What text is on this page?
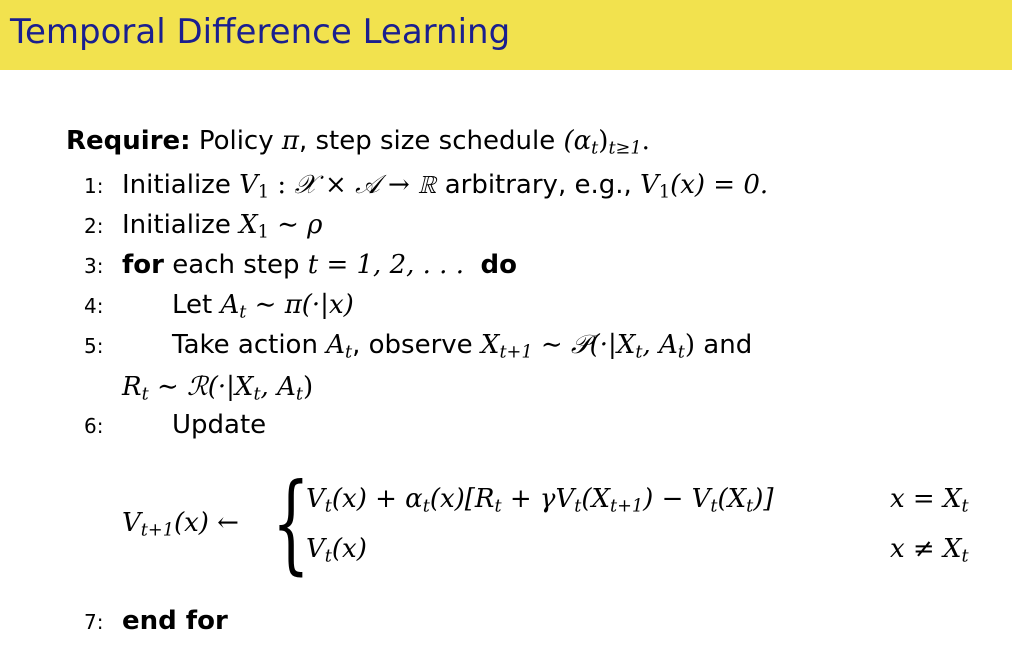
Temporal Difference Learning
Require: Policy π, step size schedule $(\alpha_t)_{t\ge 1}$.
1:
2:
3:
4:
5:
6:
7:
Initialize $V_1$ : 𝒳 × 𝒜 → ℝ arbitrary, e.g., $V_1(x) = 0$.
Initialize $X_1$ ∼ ρ
for each step t = 1, 2, . . . do
Let $A_t$ ∼ π(·|x)
Take action $A_t$, observe $X_{t+1}$ ∼ $𝒫(\cdot|X_t$, $A_t$) and
$R_t$ ∼ $ℛ(\cdot|X_t$, $A_t$)
Update
$V_{t+1}(x)$ ← {
$V_t(x) + \alpha_t(x)[R_t + \gamma V_t(X_{t+1}) - V_t(X_t)]$	$x = X_t$
$V_t(x)$	$x \ne X_t$
end for
